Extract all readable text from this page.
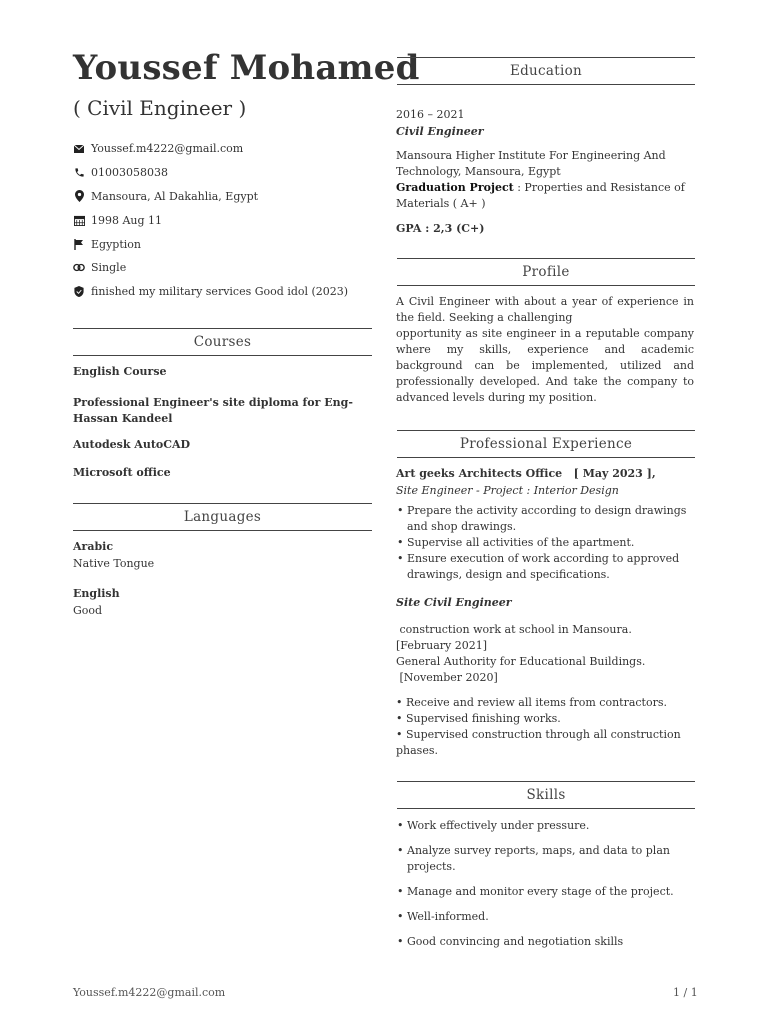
Youssef Mohamed
( Civil Engineer )
Youssef.m4222@gmail.com
01003058038
Mansoura, Al Dakahlia, Egypt
1998 Aug 11
Egyption
Single
finished my military services Good idol (2023)
Courses
English Course
Professional Engineer's site diploma for Eng-Hassan Kandeel
Autodesk AutoCAD
Microsoft office
Languages
Arabic
Native Tongue
English
Good
Education
2016 – 2021
Civil Engineer
Mansoura Higher Institute For Engineering And Technology, Mansoura, Egypt
Graduation Project : Properties and Resistance of Materials ( A+ )
GPA : 2,3 (C+)
Profile
A Civil Engineer with about a year of experience in the field. Seeking a challenging
opportunity as site engineer in a reputable company where my skills, experience and academic background can be implemented, utilized and professionally developed. And take the company to advanced levels during my position.
Professional Experience
Art geeks Architects Office [ May 2023 ],
Site Engineer - Project : Interior Design
• Prepare the activity according to design drawings and shop drawings.
• Supervise all activities of the apartment.
• Ensure execution of work according to approved drawings, design and specifications.
Site Civil Engineer
construction work at school in Mansoura.
[February 2021]
General Authority for Educational Buildings.
[November 2020]
• Receive and review all items from contractors.
• Supervised finishing works.
• Supervised construction through all construction phases.
Skills
• Work effectively under pressure.
• Analyze survey reports, maps, and data to plan projects.
• Manage and monitor every stage of the project.
• Well-informed.
• Good convincing and negotiation skills
Youssef.m4222@gmail.com	1 / 1
